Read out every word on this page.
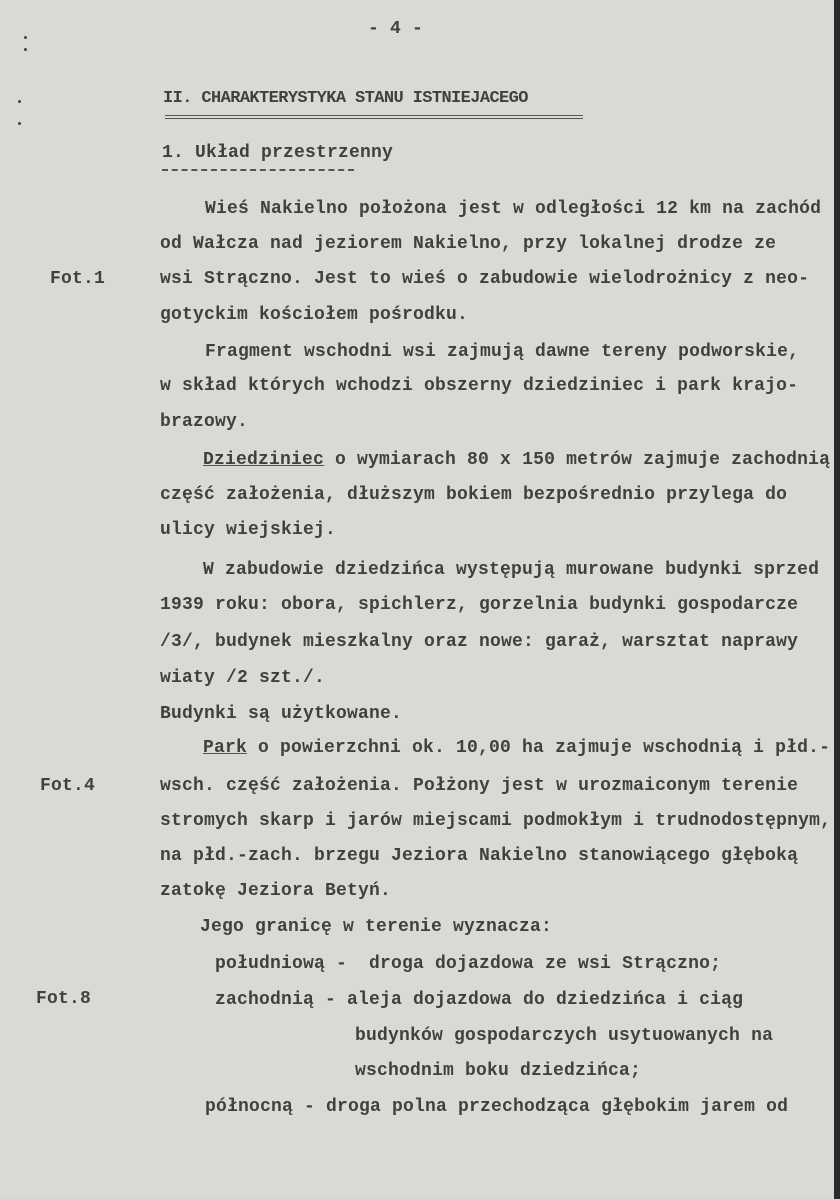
- 4 -
II. CHARAKTERYSTYKA STANU ISTNIEJACEGO
1. Układ przestrzenny
Fot.1
Fot.4
Fot.8
Wieś Nakielno położona jest w odległości 12 km na zachód
od Wałcza nad jeziorem Nakielno, przy lokalnej drodze ze
wsi Strączno. Jest to wieś o zabudowie wielodrożnicy z neo-
gotyckim kościołem pośrodku.
Fragment wschodni wsi zajmują dawne tereny podworskie,
w skład których wchodzi obszerny dziedziniec i park krajo-
brazowy.
Dziedziniec o wymiarach 80 x 150 metrów zajmuje zachodnią
część założenia, dłuższym bokiem bezpośrednio przylega do
ulicy wiejskiej.
W zabudowie dziedzińca występują murowane budynki sprzed
1939 roku: obora, spichlerz, gorzelnia budynki gospodarcze
/3/, budynek mieszkalny oraz nowe: garaż, warsztat naprawy
wiaty /2 szt./.
Budynki są użytkowane.
Park o powierzchni ok. 10,00 ha zajmuje wschodnią i płd.-
wsch. część założenia. Połżony jest w urozmaiconym terenie
stromych skarp i jarów miejscami podmokłym i trudnodostępnym,
na płd.-zach. brzegu Jeziora Nakielno stanowiącego głęboką
zatokę Jeziora Betyń.
Jego granicę w terenie wyznacza:
południową -  droga dojazdowa ze wsi Strączno;
zachodnią - aleja dojazdowa do dziedzińca i ciąg
budynków gospodarczych usytuowanych na
wschodnim boku dziedzińca;
północną - droga polna przechodząca głębokim jarem od
